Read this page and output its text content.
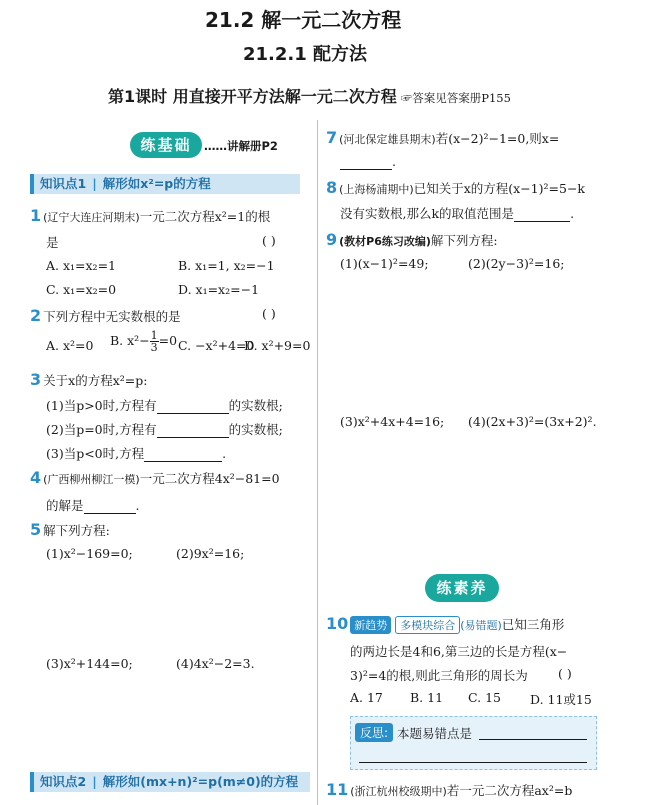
21.2 解一元二次方程
21.2.1 配方法
第1课时 用直接开平方法解一元二次方程 ☞答案见答案册P155
练基础	……讲解册P2
知识点1 | 解形如x²=p的方程
1 (辽宁大连庄河期末)一元二次方程x²=1的根
是	( )
A. x₁=x₂=1	B. x₁=1, x₂=−1
C. x₁=x₂=0	D. x₁=x₂=−1
2 下列方程中无实数根的是	( )
A. x²=0 B. $x^2- \frac{1}{3} =0$ C. −x²+4=0
D. x²+9=0
3 关于x的方程x²=p:
(1)当p>0时,方程有	的实数根;
(2)当p=0时,方程有	的实数根;
(3)当p<0时,方程	.
4 (广西柳州柳江一模)一元二次方程4x²−81=0
的解是	.
5 解下列方程:
(1)x²−169=0;	(2)9x²=16;
(3)x²+144=0;	(4)4x²−2=3.
知识点2 | 解形如(mx+n)²=p(m≠0)的方程
7 (河北保定雄县期末)若(x−2)²−1=0,则x=
.
8 (上海杨浦期中)已知关于x的方程(x−1)²=5−k
没有实数根,那么k的取值范围是	.
9 (教材P6练习改编)解下列方程:
(1)(x−1)²=49;	(2)(2y−3)²=16;
(3)x²+4x+4=16; (4)(2x+3)²=(3x+2)².
练素养
10 新趋势 多模块综合 (易错题)已知三角形
的两边长是4和6,第三边的长是方程(x−
3)²=4的根,则此三角形的周长为 ( )
A. 17 B. 11 C. 15 D. 11或15
反思: 本题易错点是

11 (浙江杭州校级期中)若一元二次方程ax²=b
